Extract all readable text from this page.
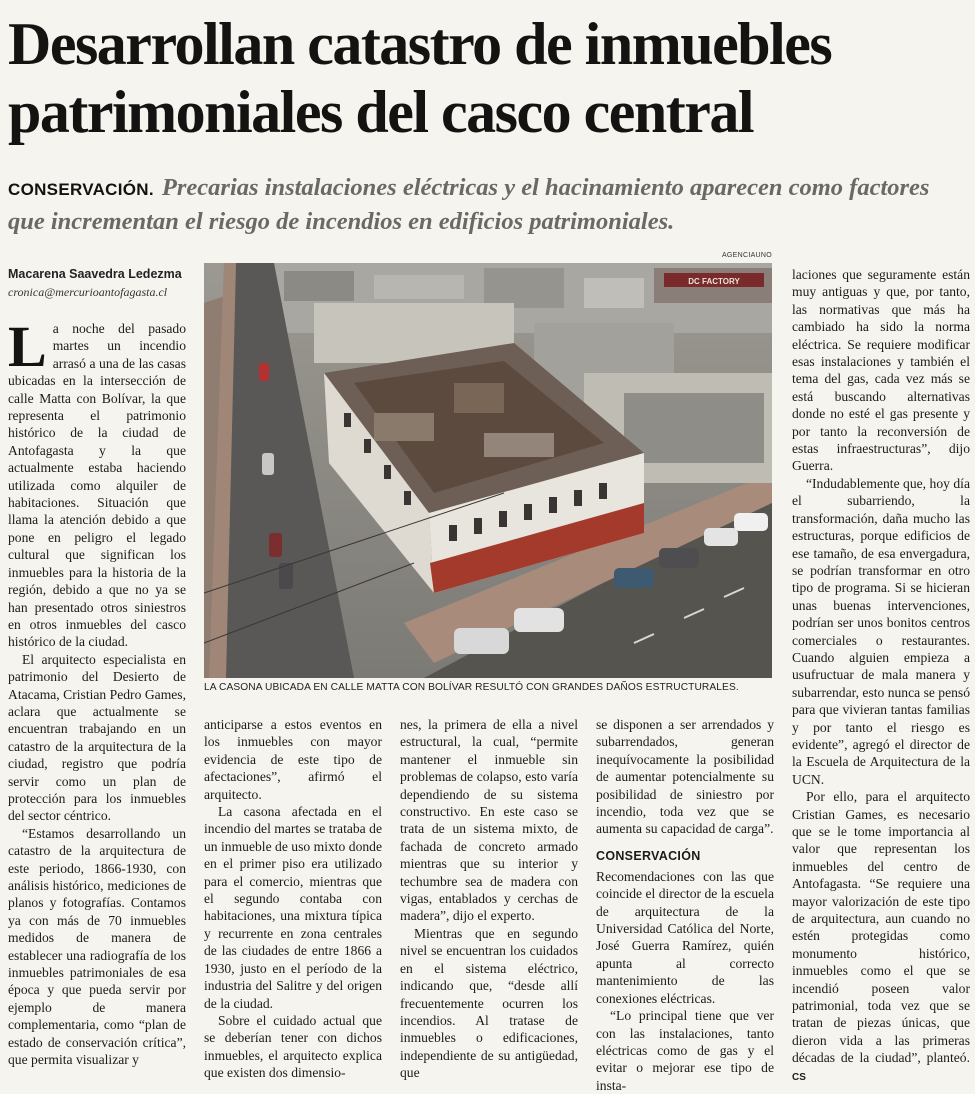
Desarrollan catastro de inmuebles patrimoniales del casco central

CONSERVACIÓN. Precarias instalaciones eléctricas y el hacinamiento aparecen como factores que incrementan el riesgo de incendios en edificios patrimoniales.

Macarena Saavedra Ledezma
cronica@mercurioantofagasta.cl
AGENCIAUNO
DC FACTORY
LA CASONA UBICADA EN CALLE MATTA CON BOLÍVAR RESULTÓ CON GRANDES DAÑOS ESTRUCTURALES.

La noche del pasado martes un incendio arrasó a una de las casas ubicadas en la intersección de calle Matta con Bolívar, la que representa el patrimonio histórico de la ciudad de Antofagasta y la que actualmente estaba haciendo utilizada como alquiler de habitaciones. Situación que llama la atención debido a que pone en peligro el legado cultural que significan los inmuebles para la historia de la región, debido a que no ya se han presentado otros siniestros en otros inmuebles del casco histórico de la ciudad.

El arquitecto especialista en patrimonio del Desierto de Atacama, Cristian Pedro Games, aclara que actualmente se encuentran trabajando en un catastro de la arquitectura de la ciudad, registro que podría servir como un plan de protección para los inmuebles del sector céntrico.

“Estamos desarrollando un catastro de la arquitectura de este periodo, 1866-1930, con análisis histórico, mediciones de planos y fotografías. Contamos ya con más de 70 inmuebles medidos de manera de establecer una radiografía de los inmuebles patrimoniales de esa época y que pueda servir por ejemplo de manera complementaria, como “plan de estado de conservación crítica”, que permita visualizar y

anticiparse a estos eventos en los inmuebles con mayor evidencia de este tipo de afectaciones”, afirmó el arquitecto.

La casona afectada en el incendio del martes se trataba de un inmueble de uso mixto donde en el primer piso era utilizado para el comercio, mientras que el segundo contaba con habitaciones, una mixtura típica y recurrente en zona centrales de las ciudades de entre 1866 a 1930, justo en el período de la industria del Salitre y del origen de la ciudad.

Sobre el cuidado actual que se deberían tener con dichos inmuebles, el arquitecto explica que existen dos dimensio-

nes, la primera de ella a nivel estructural, la cual, “permite mantener el inmueble sin problemas de colapso, esto varía dependiendo de su sistema constructivo. En este caso se trata de un sistema mixto, de fachada de concreto armado mientras que su interior y techumbre sea de madera con vigas, entablados y cerchas de madera”, dijo el experto.

Mientras que en segundo nivel se encuentran los cuidados en el sistema eléctrico, indicando que, “desde allí frecuentemente ocurren los incendios. Al tratase de inmuebles o edificaciones, independiente de su antigüedad, que

se disponen a ser arrendados y subarrendados, generan inequívocamente la posibilidad de aumentar potencialmente su posibilidad de siniestro por incendio, toda vez que se aumenta su capacidad de carga”.

CONSERVACIÓN

Recomendaciones con las que coincide el director de la escuela de arquitectura de la Universidad Católica del Norte, José Guerra Ramírez, quién apunta al correcto mantenimiento de las conexiones eléctricas.

“Lo principal tiene que ver con las instalaciones, tanto eléctricas como de gas y el evitar o mejorar ese tipo de insta-

laciones que seguramente están muy antiguas y que, por tanto, las normativas que más ha cambiado ha sido la norma eléctrica. Se requiere modificar esas instalaciones y también el tema del gas, cada vez más se está buscando alternativas donde no esté el gas presente y por tanto la reconversión de estas infraestructuras”, dijo Guerra.

“Indudablemente que, hoy día el subarriendo, la transformación, daña mucho las estructuras, porque edificios de ese tamaño, de esa envergadura, se podrían transformar en otro tipo de programa. Si se hicieran unas buenas intervenciones, podrían ser unos bonitos centros comerciales o restaurantes. Cuando alguien empieza a usufructuar de mala manera y subarrendar, esto nunca se pensó para que vivieran tantas familias y por tanto el riesgo es evidente”, agregó el director de la Escuela de Arquitectura de la UCN.

Por ello, para el arquitecto Cristian Games, es necesario que se le tome importancia al valor que representan los inmuebles del centro de Antofagasta. “Se requiere una mayor valorización de este tipo de arquitectura, aun cuando no estén protegidas como monumento histórico, inmuebles como el que se incendió poseen valor patrimonial, toda vez que se tratan de piezas únicas, que dieron vida a las primeras décadas de la ciudad”, planteó. CS
